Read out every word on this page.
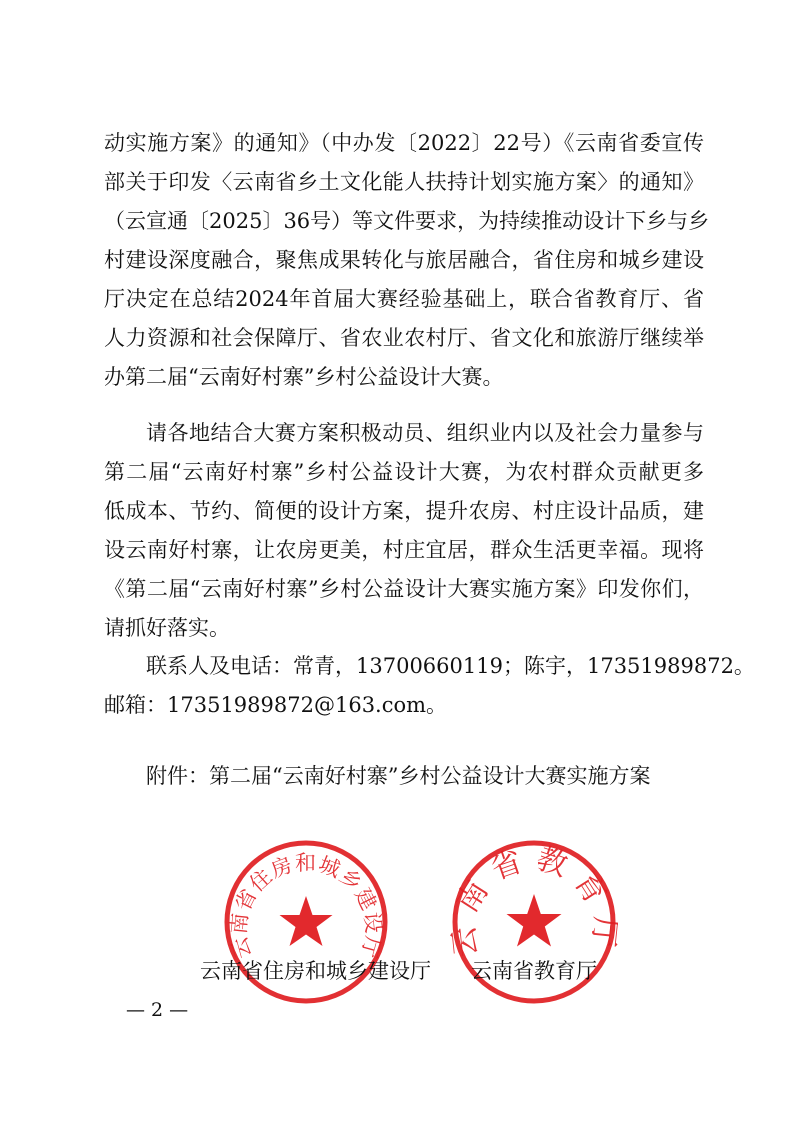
动实施方案》的通知》（中办发〔2022〕22号）《云南省委宣传
部关于印发〈云南省乡土文化能人扶持计划实施方案〉的通知》
（云宣通〔2025〕36号）等文件要求，为持续推动设计下乡与乡
村建设深度融合，聚焦成果转化与旅居融合，省住房和城乡建设
厅决定在总结2024年首届大赛经验基础上，联合省教育厅、省
人力资源和社会保障厅、省农业农村厅、省文化和旅游厅继续举
办第二届“云南好村寨”乡村公益设计大赛。
请各地结合大赛方案积极动员、组织业内以及社会力量参与
第二届“云南好村寨”乡村公益设计大赛，为农村群众贡献更多
低成本、节约、简便的设计方案，提升农房、村庄设计品质，建
设云南好村寨，让农房更美，村庄宜居，群众生活更幸福。现将
《第二届“云南好村寨”乡村公益设计大赛实施方案》印发你们，
请抓好落实。
联系人及电话：常青，13700660119；陈宇，17351989872。
邮箱：17351989872@163.com。
附件：第二届“云南好村寨”乡村公益设计大赛实施方案
云南省住房和城乡建设厅
南省教育
云南省住房和城乡建设厅 云南省教育厅
— 2 —
